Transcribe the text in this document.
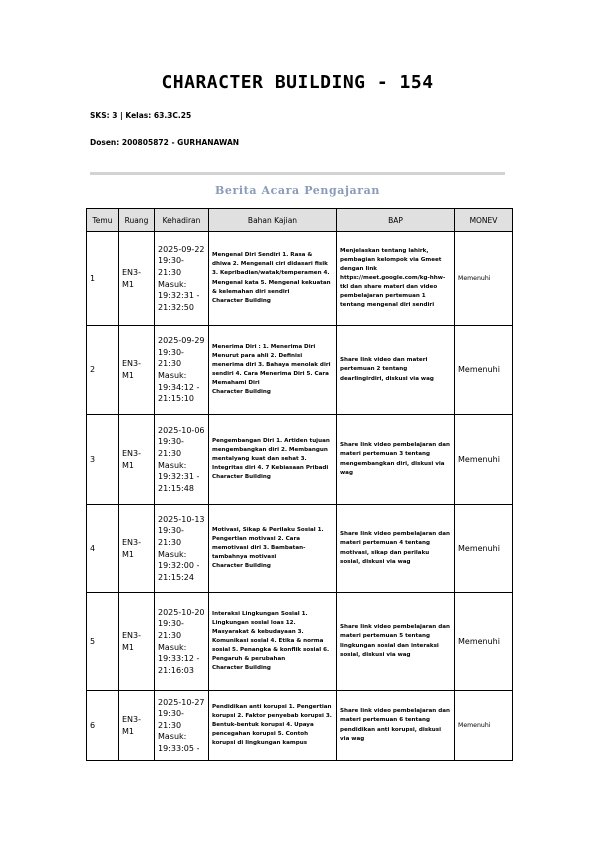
CHARACTER BUILDING - 154
SKS: 3 | Kelas: 63.3C.25
Dosen: 200805872 - GURHANAWAN
Berita Acara Pengajaran
Temu	Ruang	Kehadiran	Bahan Kajian	BAP	MONEV
1	EN3-M1	2025-09-22 19:30-21:30
Masuk:
19:32:31 -
21:32:50	Mengenal Diri Sendiri 1. Rasa & dhiwa 2. Mengenali ciri didasari fisik 3. Kepribadian/watak/temperamen 4. Mengenal kata 5. Mengenal kekuatan & kelemahan diri sendiri
Character Building	Menjelaskan tentang lahirk, pembagian kelompok via Gmeet dengan link https://meet.google.com/kg-hhw-tkl dan share materi dan video pembelajaran pertemuan 1 tentang mengenal diri sendiri	Memenuhi
2	EN3-M1	2025-09-29 19:30-21:30
Masuk:
19:34:12 -
21:15:10	Menerima Diri : 1. Menerima Diri Menurut para ahli 2. Definisi menerima diri 3. Bahaya menolak diri sendiri 4. Cara Menerima Diri 5. Cara Memahami Diri
Character Building	Share link video dan materi pertemuan 2 tentang dearlingirdiri, diskusi via wag	Memenuhi
3	EN3-M1	2025-10-06 19:30-21:30
Masuk:
19:32:31 -
21:15:48	Pengembangan Diri 1. Artiden tujuan mengembangkan diri 2. Membangun mentalyang kuat dan sehat 3. Integritas diri 4. 7 Kebiasaan Pribadi
Character Building	Share link video pembelajaran dan materi pertemuan 3 tentang mengembangkan diri, diskusi via wag	Memenuhi
4	EN3-M1	2025-10-13 19:30-21:30
Masuk:
19:32:00 -
21:15:24	Motivasi, Sikap & Perilaku Sosial 1. Pengertian motivasi 2. Cara memotivasi diri 3. Bambatan-tambahnya motivasi
Character Building	Share link video pembelajaran dan materi pertemuan 4 tentang motivasi, sikap dan perilaku sosial, diskusi via wag	Memenuhi
5	EN3-M1	2025-10-20 19:30-21:30
Masuk:
19:33:12 -
21:16:03	Interaksi Lingkungan Sosial 1. Lingkungan sosial loas 12. Masyarakat & kebudayaan 3. Komunikasi sosial 4. Etika & norma sosial 5. Penangka & konflik sosial 6. Pengaruh & perubahan
Character Building	Share link video pembelajaran dan materi pertemuan 5 tentang lingkungan sosial dan interaksi sosial, diskusi via wag	Memenuhi
6	EN3-M1	2025-10-27 19:30-21:30
Masuk:
19:33:05 -	Pendidikan anti korupsi 1. Pengertian korupsi 2. Faktor penyebab korupsi 3. Bentuk-bentuk korupsi 4. Upaya pencegahan korupsi 5. Contoh korupsi di lingkungan kampus	Share link video pembelajaran dan materi pertemuan 6 tentang pendidikan anti korupsi, diskusi via wag	Memenuhi
